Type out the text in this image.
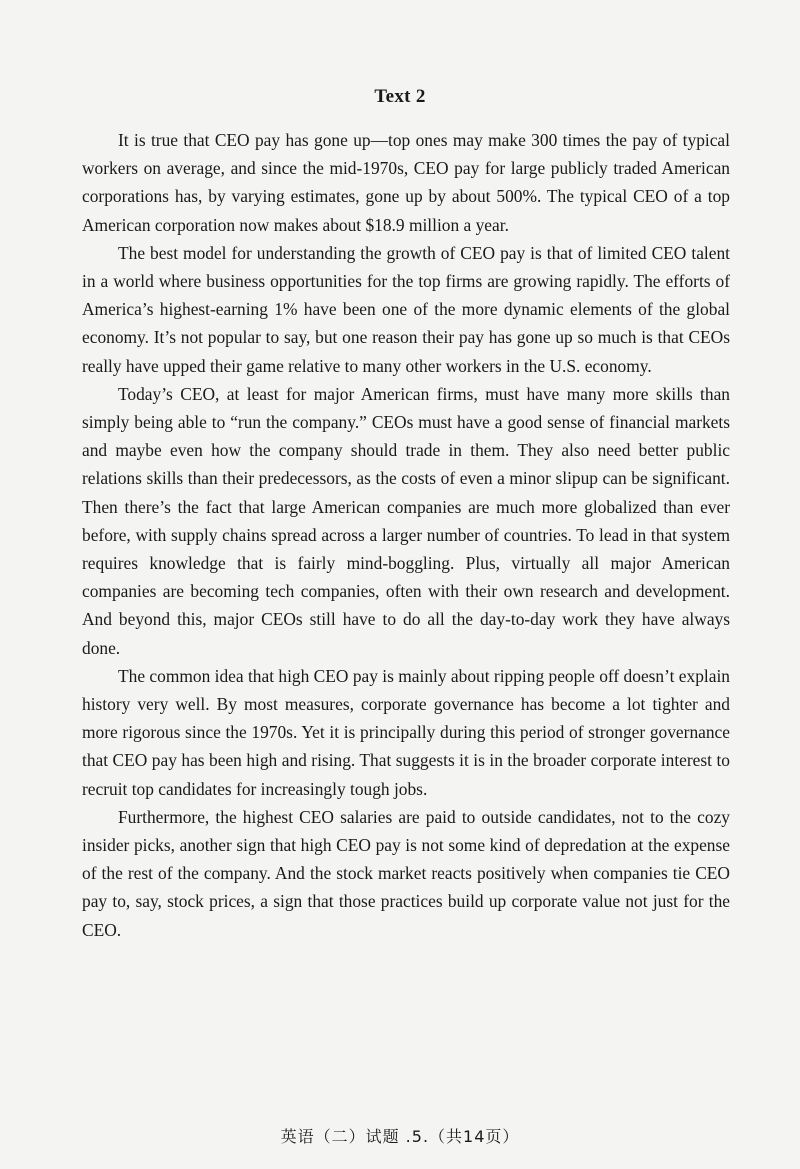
Text 2

It is true that CEO pay has gone up—top ones may make 300 times the pay of typical workers on average, and since the mid-1970s, CEO pay for large publicly traded American corporations has, by varying estimates, gone up by about 500%. The typical CEO of a top American corporation now makes about $18.9 million a year.

The best model for understanding the growth of CEO pay is that of limited CEO talent in a world where business opportunities for the top firms are growing rapidly. The efforts of America’s highest-earning 1% have been one of the more dynamic elements of the global economy. It’s not popular to say, but one reason their pay has gone up so much is that CEOs really have upped their game relative to many other workers in the U.S. economy.

Today’s CEO, at least for major American firms, must have many more skills than simply being able to “run the company.” CEOs must have a good sense of financial markets and maybe even how the company should trade in them. They also need better public relations skills than their predecessors, as the costs of even a minor slipup can be significant. Then there’s the fact that large American companies are much more globalized than ever before, with supply chains spread across a larger number of countries. To lead in that system requires knowledge that is fairly mind-boggling. Plus, virtually all major American companies are becoming tech companies, often with their own research and development. And beyond this, major CEOs still have to do all the day-to-day work they have always done.

The common idea that high CEO pay is mainly about ripping people off doesn’t explain history very well. By most measures, corporate governance has become a lot tighter and more rigorous since the 1970s. Yet it is principally during this period of stronger governance that CEO pay has been high and rising. That suggests it is in the broader corporate interest to recruit top candidates for increasingly tough jobs.

Furthermore, the highest CEO salaries are paid to outside candidates, not to the cozy insider picks, another sign that high CEO pay is not some kind of depredation at the expense of the rest of the company. And the stock market reacts positively when companies tie CEO pay to, say, stock prices, a sign that those practices build up corporate value not just for the CEO.

英语（二）试题 .5.（共14页）
